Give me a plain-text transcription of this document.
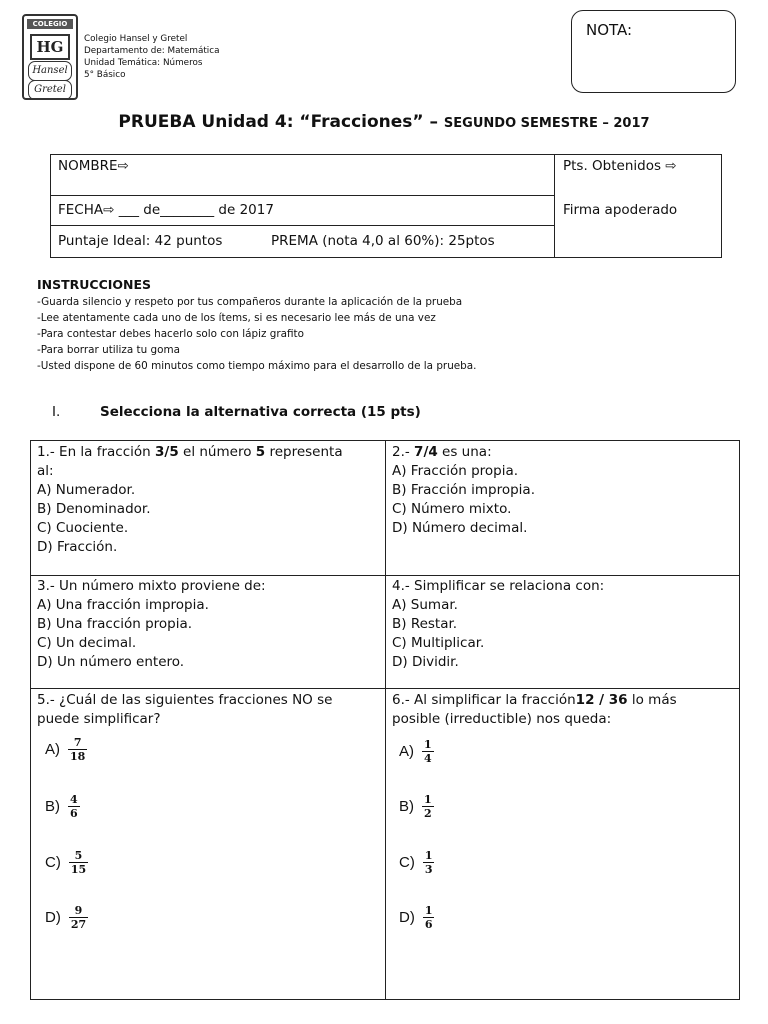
COLEGIO
HG
Hansel
Gretel
Colegio Hansel y Gretel
Departamento de: Matemática
Unidad Temática: Números
5° Básico
NOTA:
PRUEBA Unidad 4: “Fracciones” – SEGUNDO SEMESTRE – 2017
NOMBRE⇨	Pts. Obtenidos ⇨
FECHA⇨ ___ de________ de 2017	Firma apoderado
Puntaje Ideal: 42 puntos	PREMA (nota 4,0 al 60%): 25ptos
INSTRUCCIONES
-Guarda silencio y respeto por tus compañeros durante la aplicación de la prueba
-Lee atentamente cada uno de los ítems, si es necesario lee más de una vez
-Para contestar debes hacerlo solo con lápiz grafito
-Para borrar utiliza tu goma
-Usted dispone de 60 minutos como tiempo máximo para el desarrollo de la prueba.
I.	Selecciona la alternativa correcta (15 pts)
1.- En la fracción 3/5 el número 5 representa
al:
A) Numerador.
B) Denominador.
C) Cuociente.
D) Fracción.
2.- 7/4 es una:
A) Fracción propia.
B) Fracción impropia.
C) Número mixto.
D) Número decimal.
3.- Un número mixto proviene de:
A) Una fracción impropia.
B) Una fracción propia.
C) Un decimal.
D) Un número entero.
4.- Simplificar se relaciona con:
A) Sumar.
B) Restar.
C) Multiplicar.
D) Dividir.
5.- ¿Cuál de las siguientes fracciones NO se
puede simplificar?
$A) \frac{7}{18}$
$B) \frac{4}{6}$
$C) \frac{5}{15}$
$D) \frac{9}{27}$
6.- Al simplificar la fracción12 / 36 lo más
posible (irreductible) nos queda:
$A) \frac{1}{4}$
$B) \frac{1}{2}$
$C) \frac{1}{3}$
$D) \frac{1}{6}$
